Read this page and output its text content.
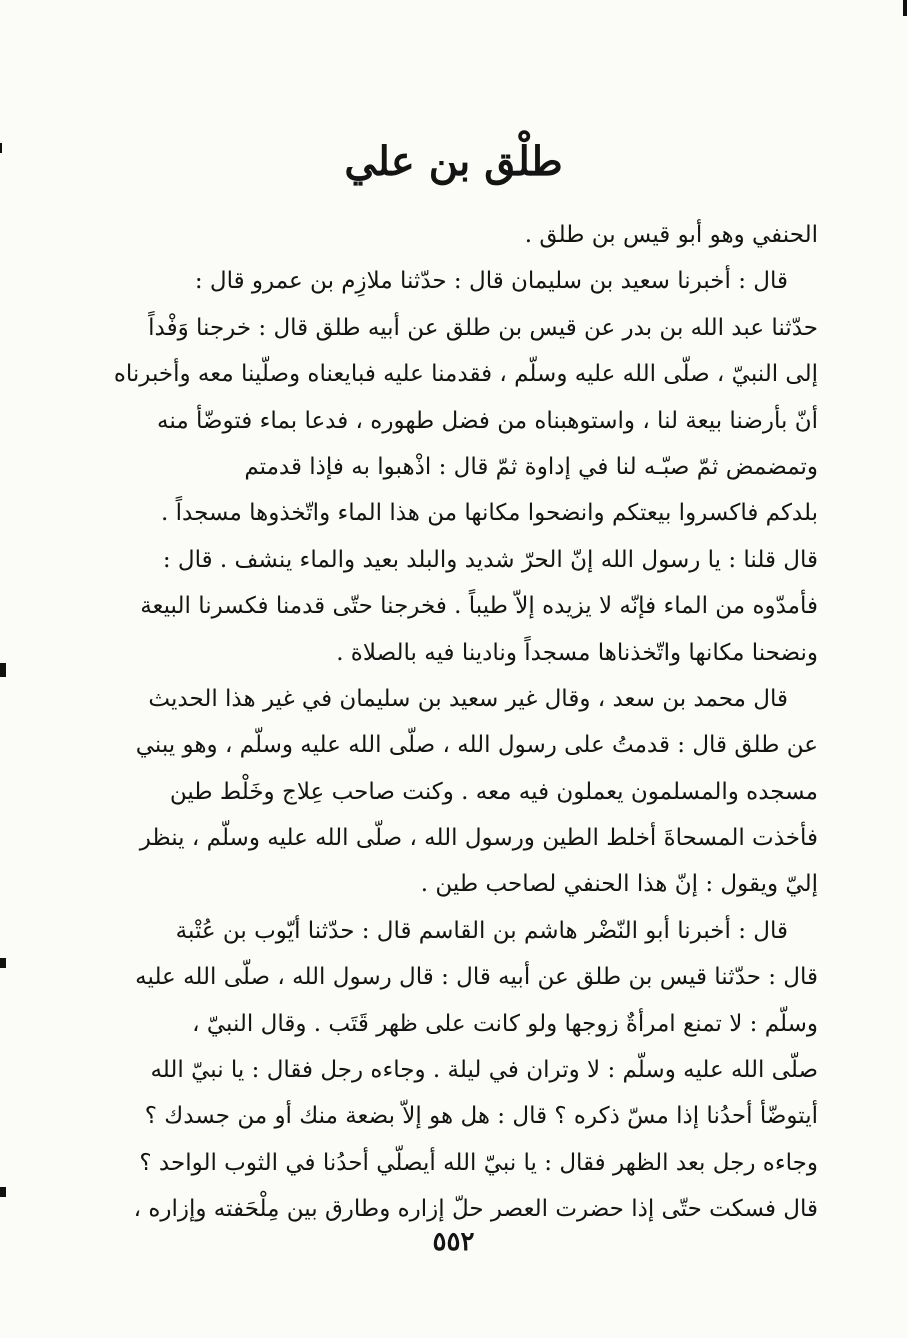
طلْق بن علي
الحنفي وهو أبو قيس بن طلق .
قال : أخبرنا سعيد بن سليمان قال : حدّثنا ملازِم بن عمرو قال :
حدّثنا عبد الله بن بدر عن قيس بن طلق عن أبيه طلق قال : خرجنا وَفْداً
إلى النبيّ ، صلّى الله عليه وسلّم ، فقدمنا عليه فبايعناه وصلّينا معه وأخبرناه
أنّ بأرضنا بيعة لنا ، واستوهبناه من فضل طهوره ، فدعا بماء فتوضّأ منه
وتمضمض ثمّ صبّـه لنا في إداوة ثمّ قال : اذْهبوا به فإذا قدمتم
بلدكم فاكسروا بيعتكم وانضحوا مكانها من هذا الماء واتّخذوها مسجداً .
قال قلنا : يا رسول الله إنّ الحرّ شديد والبلد بعيد والماء ينشف . قال :
فأمدّوه من الماء فإنّه لا يزيده إلاّ طيباً . فخرجنا حتّى قدمنا فكسرنا البيعة
ونضحنا مكانها واتّخذناها مسجداً ونادينا فيه بالصلاة .
قال محمد بن سعد ، وقال غير سعيد بن سليمان في غير هذا الحديث
عن طلق قال : قدمتُ على رسول الله ، صلّى الله عليه وسلّم ، وهو يبني
مسجده والمسلمون يعملون فيه معه . وكنت صاحب عِلاج وخَلْط طين
فأخذت المسحاةَ أخلط الطين ورسول الله ، صلّى الله عليه وسلّم ، ينظر
إليّ ويقول : إنّ هذا الحنفي لصاحب طين .
قال : أخبرنا أبو النّضْر هاشم بن القاسم قال : حدّثنا أيّوب بن عُتْبة
قال : حدّثنا قيس بن طلق عن أبيه قال : قال رسول الله ، صلّى الله عليه
وسلّم : لا تمنع امرأةٌ زوجها ولو كانت على ظهر قَتَب . وقال النبيّ ،
صلّى الله عليه وسلّم : لا وتران في ليلة . وجاءه رجل فقال : يا نبيّ الله
أيتوضّأ أحدُنا إذا مسّ ذكره ؟ قال : هل هو إلاّ بضعة منك أو من جسدك ؟
وجاءه رجل بعد الظهر فقال : يا نبيّ الله أيصلّي أحدُنا في الثوب الواحد ؟
قال فسكت حتّى إذا حضرت العصر حلّ إزاره وطارق بين مِلْحَفته وإزاره ،
٥٥٢
